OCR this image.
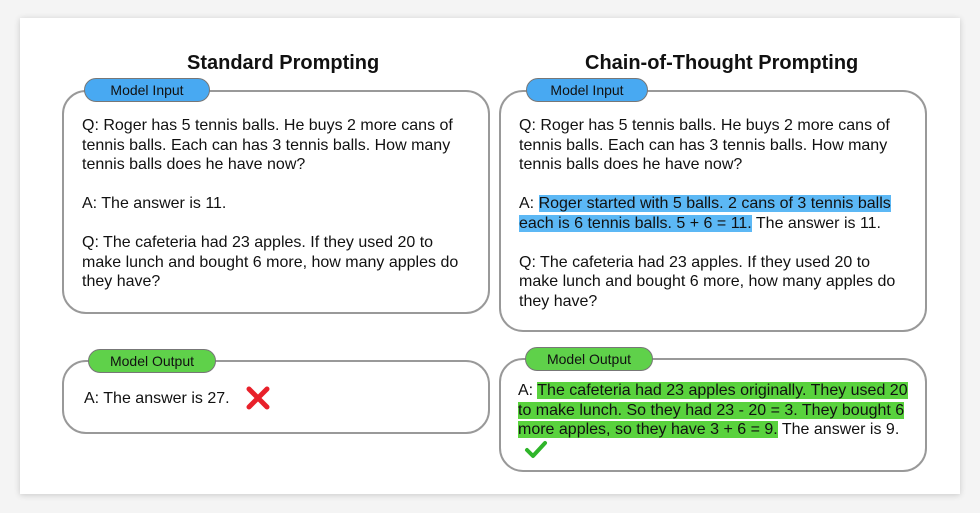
Standard Prompting	Chain-of-Thought Prompting
Model Input

Q: Roger has 5 tennis balls. He buys 2 more cans of tennis balls. Each can has 3 tennis balls. How many tennis balls does he have now?

A: The answer is 11.

Q: The cafeteria had 23 apples. If they used 20 to make lunch and bought 6 more, how many apples do they have?

Model Output
A: The answer is 27.
Model Input

Q: Roger has 5 tennis balls. He buys 2 more cans of tennis balls. Each can has 3 tennis balls. How many tennis balls does he have now?

A: Roger started with 5 balls. 2 cans of 3 tennis balls each is 6 tennis balls. 5 + 6 = 11. The answer is 11.

Q: The cafeteria had 23 apples. If they used 20 to make lunch and bought 6 more, how many apples do they have?

Model Output

A: The cafeteria had 23 apples originally. They used 20 to make lunch. So they had 23 - 20 = 3. They bought 6 more apples, so they have 3 + 6 = 9. The answer is 9.
